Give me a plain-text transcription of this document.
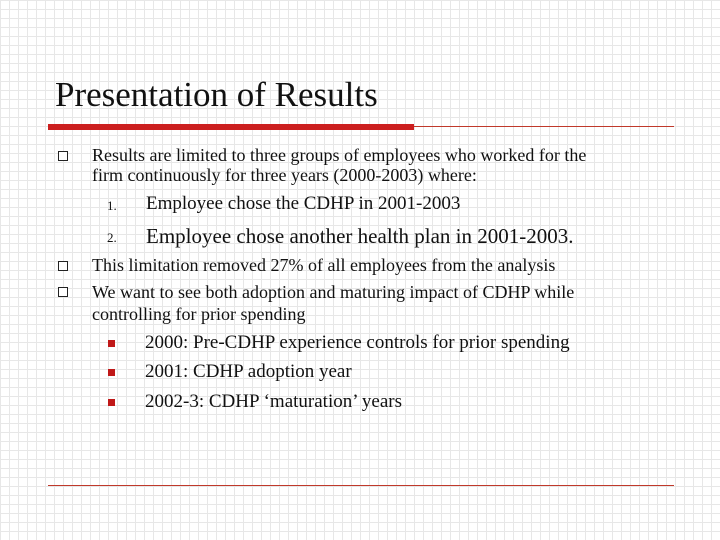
Presentation of Results
Results are limited to three groups of employees who worked for the
firm continuously for three years (2000-2003) where:
1. Employee chose the CDHP in 2001-2003
2. Employee chose another health plan in 2001-2003.
This limitation removed 27% of all employees from the analysis
We want to see both adoption and maturing impact of CDHP while
controlling for prior spending
2000: Pre-CDHP experience controls for prior spending
2001: CDHP adoption year
2002-3: CDHP ‘maturation’ years
